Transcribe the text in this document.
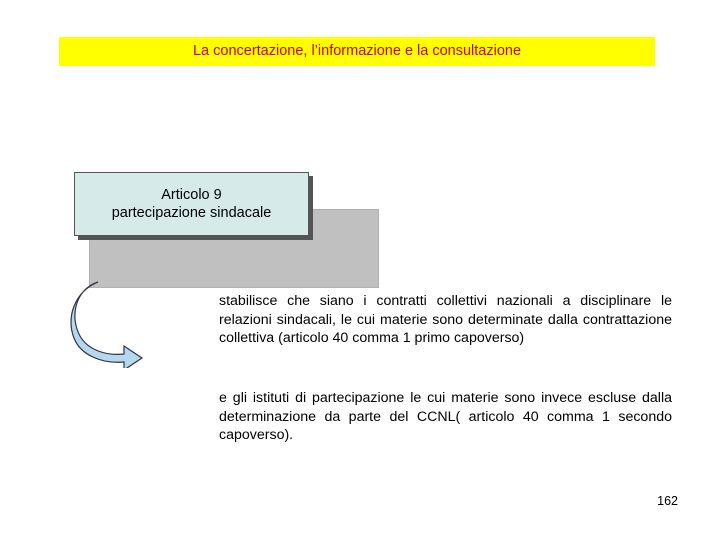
La concertazione, l’informazione e la consultazione
Articolo 9
partecipazione sindacale

stabilisce che siano i contratti collettivi nazionali a disciplinare le relazioni sindacali, le cui materie sono determinate dalla contrattazione collettiva (articolo 40 comma 1 primo capoverso)

e gli istituti di partecipazione le cui materie sono invece escluse dalla determinazione da parte del CCNL( articolo 40 comma 1 secondo capoverso).

162
